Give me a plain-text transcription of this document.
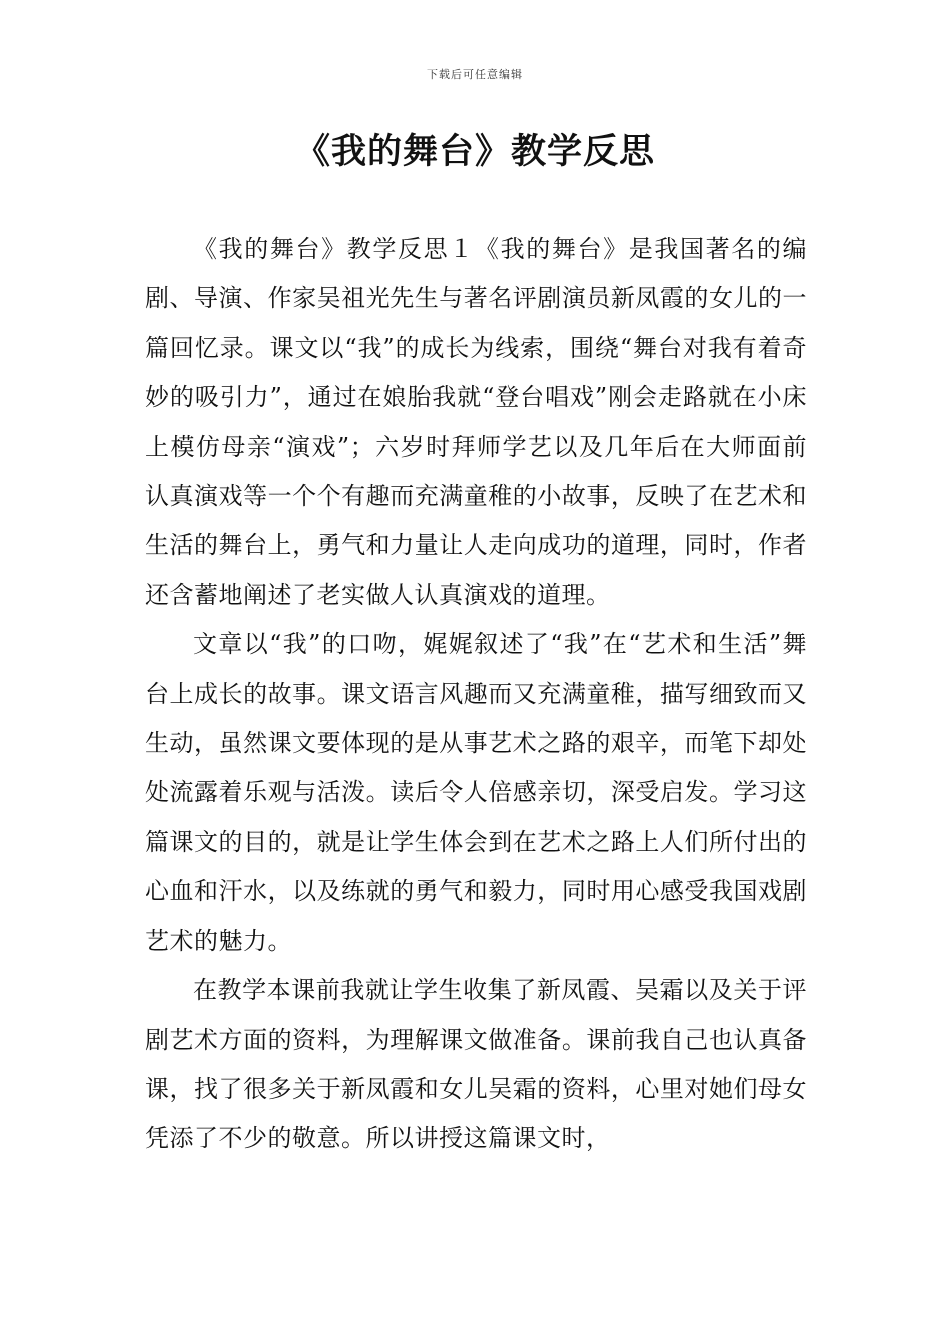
下载后可任意编辑
《我的舞台》教学反思

《我的舞台》教学反思１《我的舞台》是我国著名的编剧、导演、作家吴祖光先生与著名评剧演员新凤霞的女儿的一篇回忆录。课文以“我”的成长为线索，围绕“舞台对我有着奇妙的吸引力”，通过在娘胎我就“登台唱戏”刚会走路就在小床上模仿母亲“演戏”；六岁时拜师学艺以及几年后在大师面前认真演戏等一个个有趣而充满童稚的小故事，反映了在艺术和生活的舞台上，勇气和力量让人走向成功的道理，同时，作者还含蓄地阐述了老实做人认真演戏的道理。

文章以“我”的口吻，娓娓叙述了“我”在“艺术和生活”舞台上成长的故事。课文语言风趣而又充满童稚，描写细致而又生动，虽然课文要体现的是从事艺术之路的艰辛，而笔下却处处流露着乐观与活泼。读后令人倍感亲切，深受启发。学习这篇课文的目的，就是让学生体会到在艺术之路上人们所付出的心血和汗水，以及练就的勇气和毅力，同时用心感受我国戏剧艺术的魅力。

在教学本课前我就让学生收集了新凤霞、吴霜以及关于评剧艺术方面的资料，为理解课文做准备。课前我自己也认真备课，找了很多关于新凤霞和女儿吴霜的资料，心里对她们母女凭添了不少的敬意。所以讲授这篇课文时，
